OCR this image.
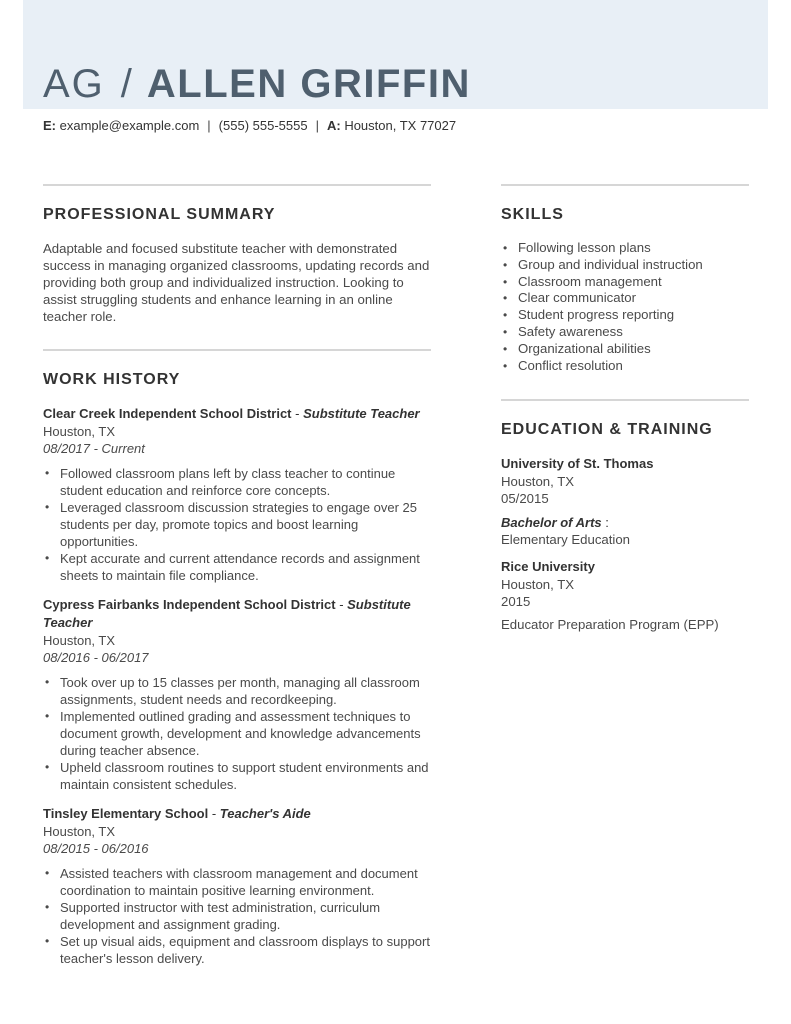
AG / ALLEN GRIFFIN
E: example@example.com | (555) 555-5555 | A: Houston, TX 77027
PROFESSIONAL SUMMARY

Adaptable and focused substitute teacher with demonstrated success in managing organized classrooms, updating records and providing both group and individualized instruction. Looking to assist struggling students and enhance learning in an online teacher role.

WORK HISTORY
Clear Creek Independent School District - Substitute Teacher
Houston, TX
08/2017 - Current
• Followed classroom plans left by class teacher to continue student education and reinforce core concepts.
• Leveraged classroom discussion strategies to engage over 25 students per day, promote topics and boost learning opportunities.
• Kept accurate and current attendance records and assignment sheets to maintain file compliance.
Cypress Fairbanks Independent School District - Substitute Teacher
Houston, TX
08/2016 - 06/2017
• Took over up to 15 classes per month, managing all classroom assignments, student needs and recordkeeping.
• Implemented outlined grading and assessment techniques to document growth, development and knowledge advancements during teacher absence.
• Upheld classroom routines to support student environments and maintain consistent schedules.
Tinsley Elementary School - Teacher's Aide
Houston, TX
08/2015 - 06/2016
• Assisted teachers with classroom management and document coordination to maintain positive learning environment.
• Supported instructor with test administration, curriculum development and assignment grading.
• Set up visual aids, equipment and classroom displays to support teacher's lesson delivery.
SKILLS
• Following lesson plans
• Group and individual instruction
• Classroom management
• Clear communicator
• Student progress reporting
• Safety awareness
• Organizational abilities
• Conflict resolution
EDUCATION & TRAINING
University of St. Thomas
Houston, TX
05/2015
Bachelor of Arts :
Elementary Education
Rice University
Houston, TX
2015
Educator Preparation Program (EPP)
